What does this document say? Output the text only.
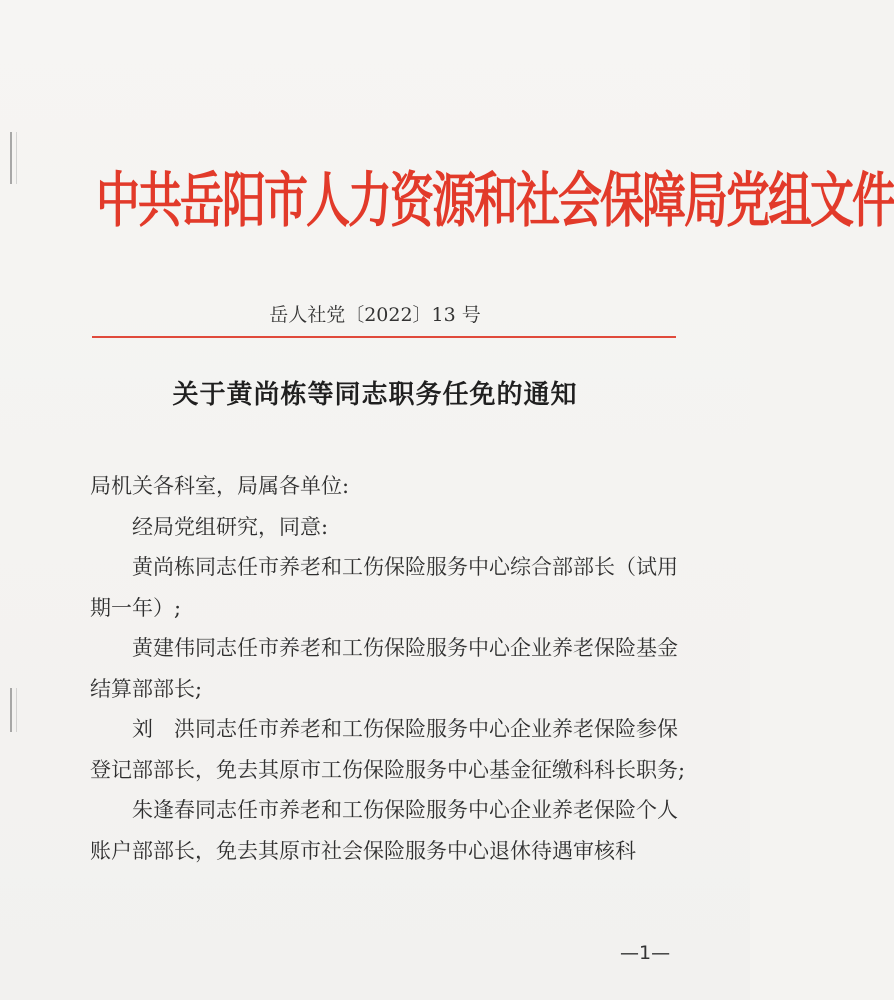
中共岳阳市人力资源和社会保障局党组文件
岳人社党〔2022〕13 号
关于黄尚栋等同志职务任免的通知

局机关各科室，局属各单位:

经局党组研究，同意:

黄尚栋同志任市养老和工伤保险服务中心综合部部长（试用期一年）;

黄建伟同志任市养老和工伤保险服务中心企业养老保险基金结算部部长;

刘　洪同志任市养老和工伤保险服务中心企业养老保险参保登记部部长，免去其原市工伤保险服务中心基金征缴科科长职务;

朱逢春同志任市养老和工伤保险服务中心企业养老保险个人账户部部长，免去其原市社会保险服务中心退休待遇审核科

—1—
